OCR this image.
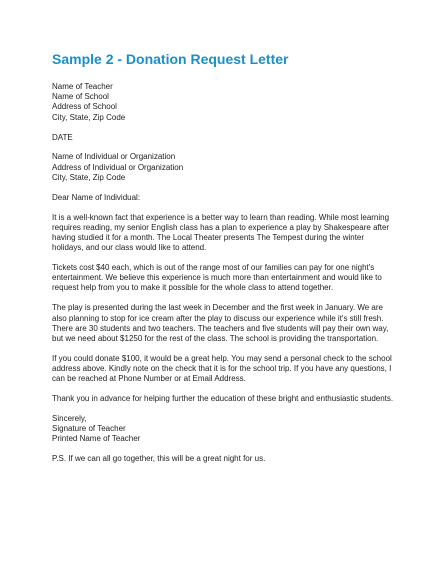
Sample 2 - Donation Request Letter
Name of Teacher
Name of School
Address of School
City, State, Zip Code
DATE
Name of Individual or Organization
Address of Individual or Organization
City, State, Zip Code
Dear Name of Individual:
It is a well-known fact that experience is a better way to learn than reading. While most learning
requires reading, my senior English class has a plan to experience a play by Shakespeare after
having studied it for a month. The Local Theater presents The Tempest during the winter
holidays, and our class would like to attend.
Tickets cost $40 each, which is out of the range most of our families can pay for one night's
entertainment. We believe this experience is much more than entertainment and would like to
request help from you to make it possible for the whole class to attend together.
The play is presented during the last week in December and the first week in January. We are
also planning to stop for ice cream after the play to discuss our experience while it's still fresh.
There are 30 students and two teachers. The teachers and five students will pay their own way,
but we need about $1250 for the rest of the class. The school is providing the transportation.
If you could donate $100, it would be a great help. You may send a personal check to the school
address above. Kindly note on the check that it is for the school trip. If you have any questions, I
can be reached at Phone Number or at Email Address.
Thank you in advance for helping further the education of these bright and enthusiastic students.
Sincerely,
Signature of Teacher
Printed Name of Teacher
P.S. If we can all go together, this will be a great night for us.
